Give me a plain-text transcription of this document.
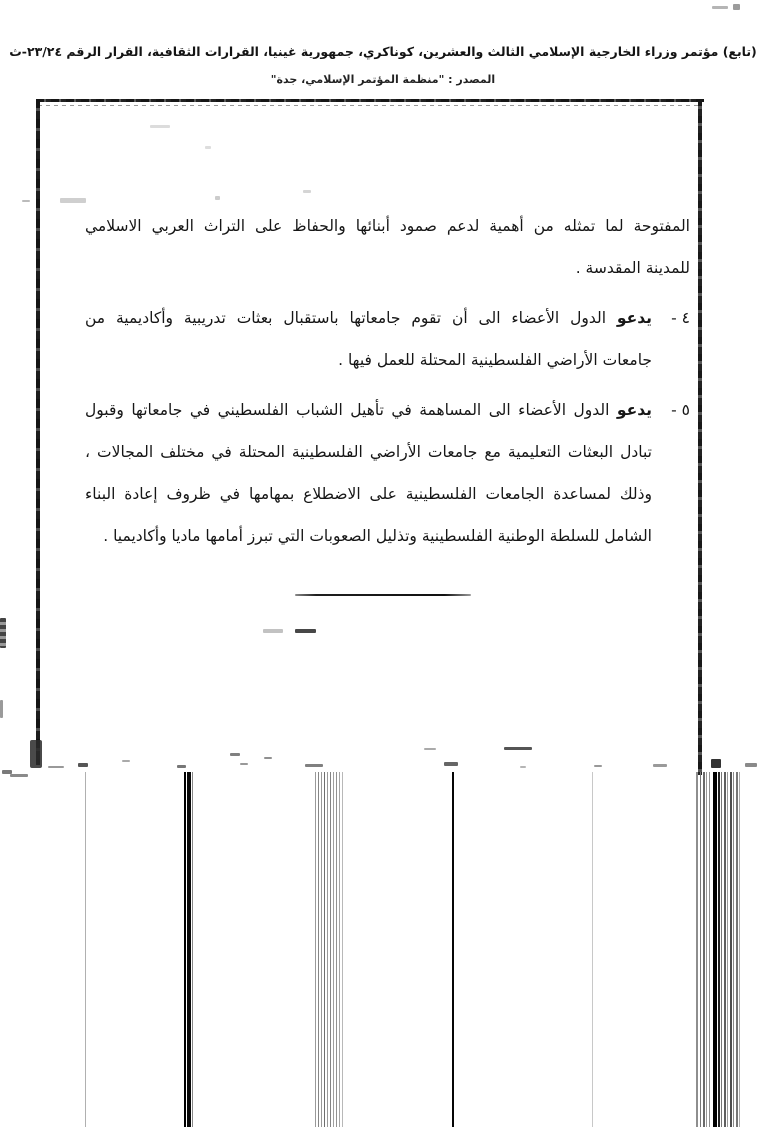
(تابع) مؤتمر وزراء الخارجية الإسلامي الثالث والعشرين، كوناكري، جمهورية غينيا، القرارات الثقافية، القرار الرقم ٢٣/٢٤-ث
المصدر : "منظمة المؤتمر الإسلامي، جدة"
المفتوحة لما تمثله من أهمية لدعم صمود أبنائها والحفاظ على التراث العربي الاسلامي
للمدينة المقدسة .
٤ -
يدعو الدول الأعضاء الى أن تقوم جامعاتها باستقبال بعثات تدريبية وأكاديمية من
جامعات الأراضي الفلسطينية المحتلة للعمل فيها .
٥ -
يدعو الدول الأعضاء الى المساهمة في تأهيل الشباب الفلسطيني في جامعاتها وقبول
تبادل البعثات التعليمية مع جامعات الأراضي الفلسطينية المحتلة في مختلف المجالات ،
وذلك لمساعدة الجامعات الفلسطينية على الاضطلاع بمهامها في ظروف إعادة البناء
الشامل للسلطة الوطنية الفلسطينية وتذليل الصعوبات التي تبرز أمامها ماديا وأكاديميا .
